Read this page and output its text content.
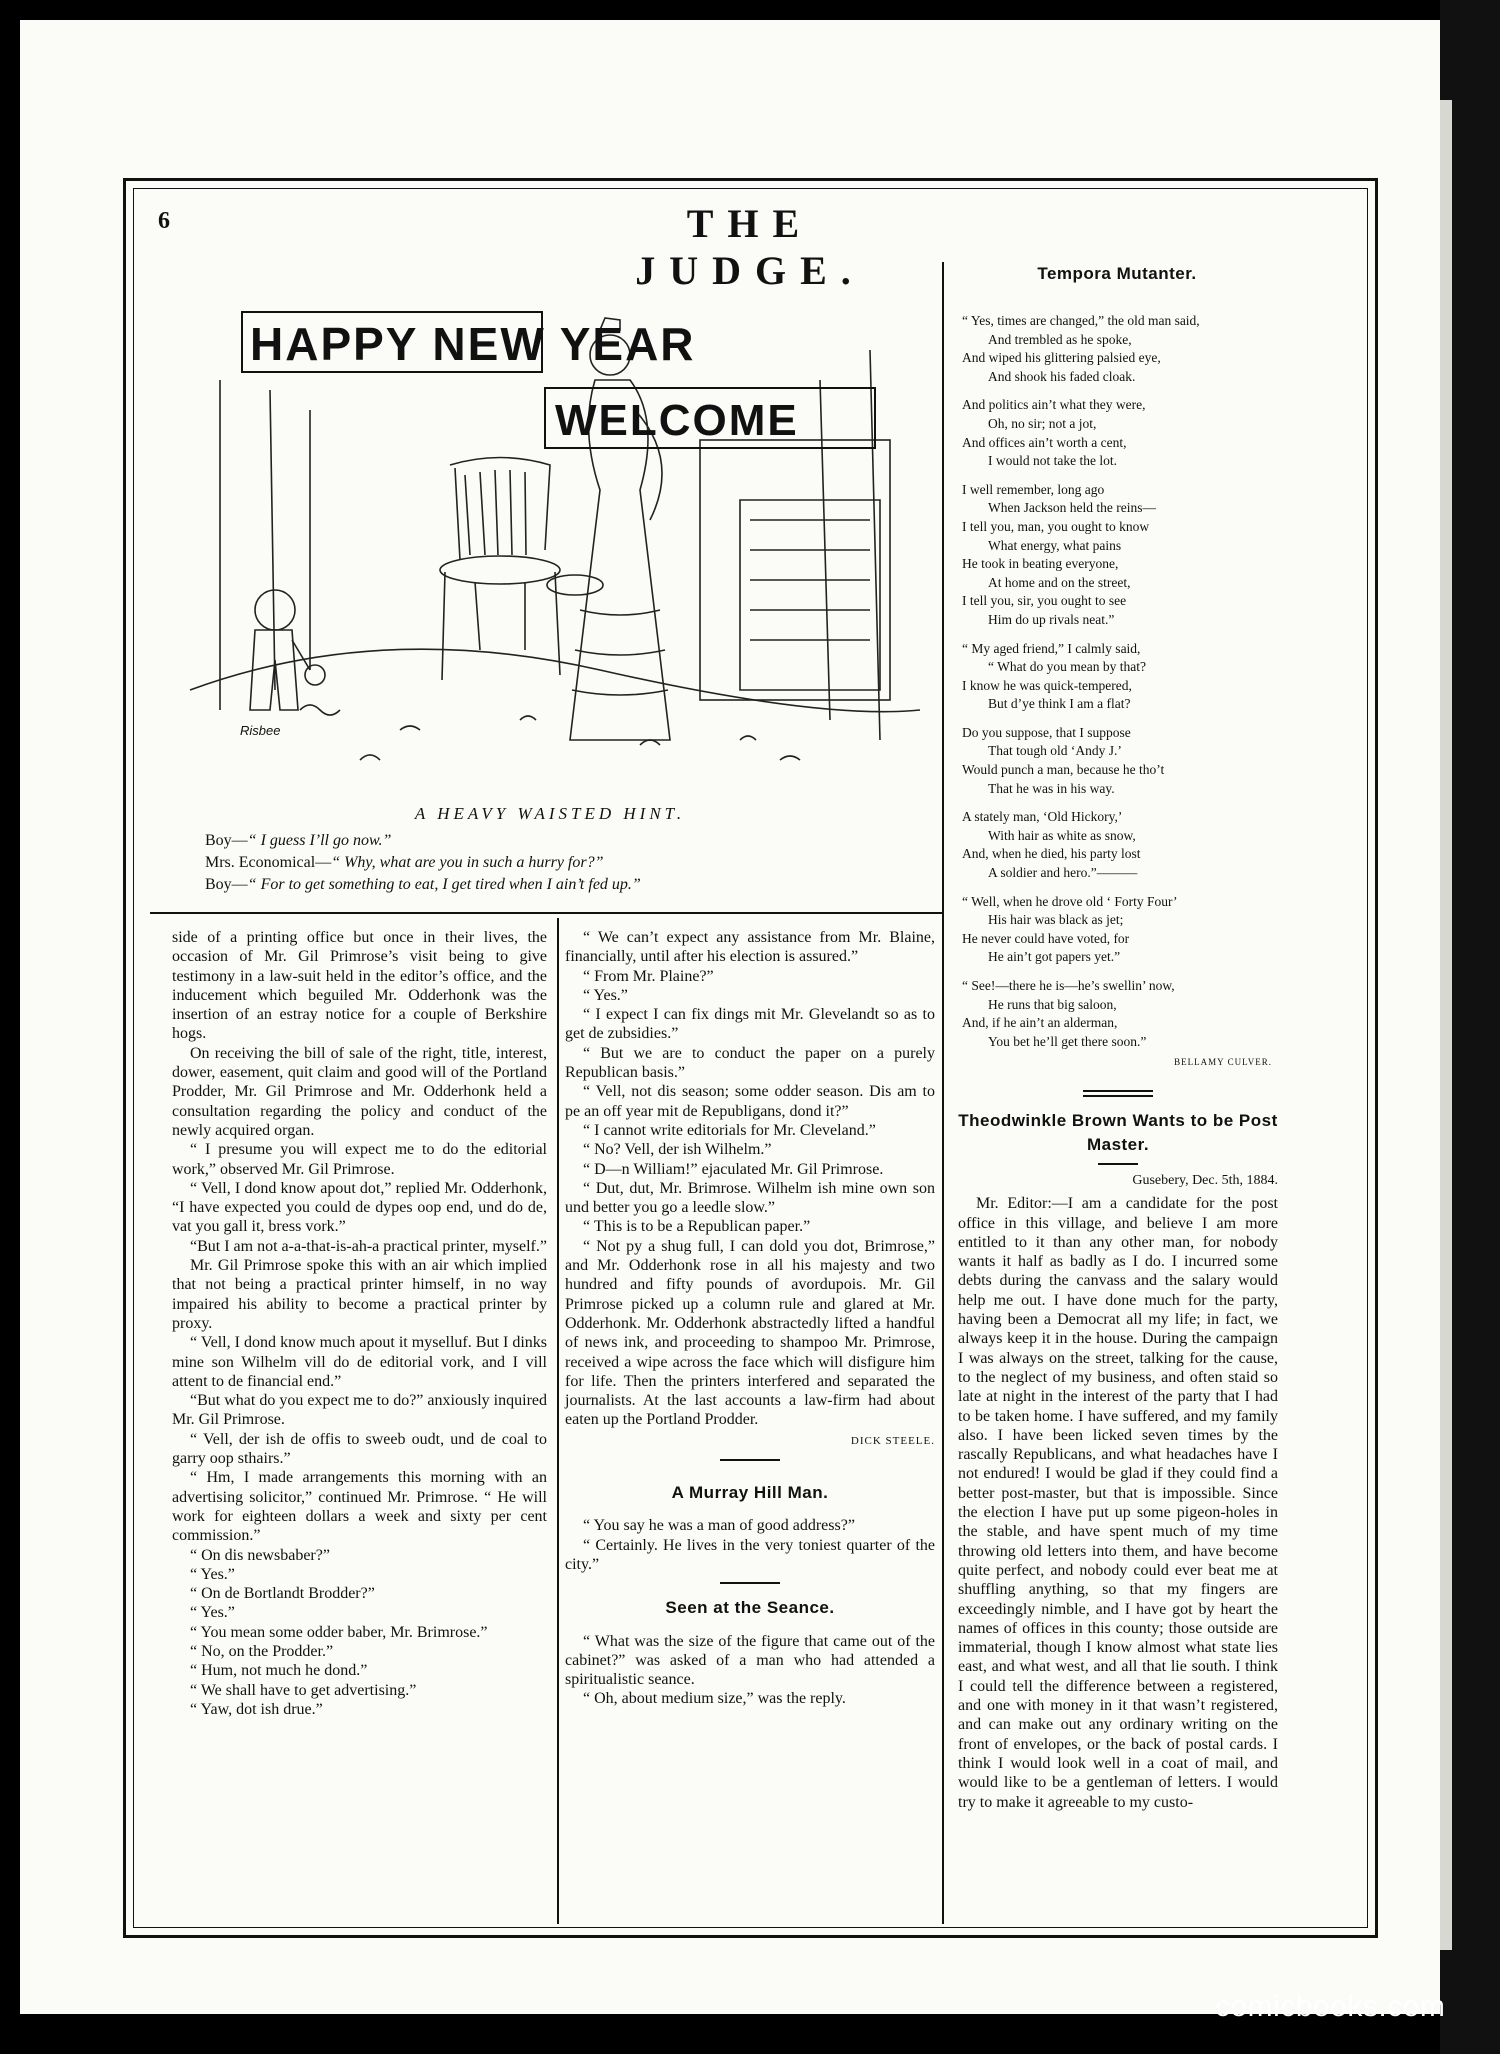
6	THE JUDGE.
HAPPY NEW YEAR
WELCOME
Risbee
A HEAVY WAISTED HINT.
Boy—“ I guess I’ll go now.”
Mrs. Economical—“ Why, what are you in such a hurry for?”
Boy—“ For to get something to eat, I get tired when I ain’t fed up.”

side of a printing office but once in their lives, the occasion of Mr. Gil Primrose’s visit being to give testimony in a law-suit held in the editor’s office, and the inducement which beguiled Mr. Odderhonk was the insertion of an estray notice for a couple of Berkshire hogs.

On receiving the bill of sale of the right, title, interest, dower, easement, quit claim and good will of the Portland Prodder, Mr. Gil Primrose and Mr. Odderhonk held a consultation regarding the policy and conduct of the newly acquired organ.

“ I presume you will expect me to do the editorial work,” observed Mr. Gil Primrose.

“ Vell, I dond know apout dot,” replied Mr. Odderhonk, “I have expected you could de dypes oop end, und do de, vat you gall it, bress vork.”

“But I am not a-a-that-is-ah-a practical printer, myself.”

Mr. Gil Primrose spoke this with an air which implied that not being a practical printer himself, in no way impaired his ability to become a practical printer by proxy.

“ Vell, I dond know much apout it myselluf. But I dinks mine son Wilhelm vill do de editorial vork, and I vill attent to de financial end.”

“But what do you expect me to do?” anxiously inquired Mr. Gil Primrose.

“ Vell, der ish de offis to sweeb oudt, und de coal to garry oop sthairs.”

“ Hm, I made arrangements this morning with an advertising solicitor,” continued Mr. Primrose. “ He will work for eighteen dollars a week and sixty per cent commission.”

“ On dis newsbaber?”

“ Yes.”

“ On de Bortlandt Brodder?”

“ Yes.”

“ You mean some odder baber, Mr. Brimrose.”

“ No, on the Prodder.”

“ Hum, not much he dond.”

“ We shall have to get advertising.”

“ Yaw, dot ish drue.”

“ We can’t expect any assistance from Mr. Blaine, financially, until after his election is assured.”

“ From Mr. Plaine?”

“ Yes.”

“ I expect I can fix dings mit Mr. Glevelandt so as to get de zubsidies.”

“ But we are to conduct the paper on a purely Republican basis.”

“ Vell, not dis season; some odder season. Dis am to pe an off year mit de Republigans, dond it?”

“ I cannot write editorials for Mr. Cleveland.”

“ No? Vell, der ish Wilhelm.”

“ D—n William!” ejaculated Mr. Gil Primrose.

“ Dut, dut, Mr. Brimrose. Wilhelm ish mine own son und better you go a leedle slow.”

“ This is to be a Republican paper.”

“ Not py a shug full, I can dold you dot, Brimrose,” and Mr. Odderhonk rose in all his majesty and two hundred and fifty pounds of avordupois. Mr. Gil Primrose picked up a column rule and glared at Mr. Odderhonk. Mr. Odderhonk abstractedly lifted a handful of news ink, and proceeding to shampoo Mr. Primrose, received a wipe across the face which will disfigure him for life. Then the printers interfered and separated the journalists. At the last accounts a law-firm had about eaten up the Portland Prodder.

DICK STEELE.
A Murray Hill Man.

“ You say he was a man of good address?”

“ Certainly. He lives in the very toniest quarter of the city.”

Seen at the Seance.

“ What was the size of the figure that came out of the cabinet?” was asked of a man who had attended a spiritualistic seance.

“ Oh, about medium size,” was the reply.

Tempora Mutanter.
“ Yes, times are changed,” the old man said,
And trembled as he spoke,
And wiped his glittering palsied eye,
And shook his faded cloak.
And politics ain’t what they were,
Oh, no sir; not a jot,
And offices ain’t worth a cent,
I would not take the lot.
I well remember, long ago
When Jackson held the reins—
I tell you, man, you ought to know
What energy, what pains
He took in beating everyone,
At home and on the street,
I tell you, sir, you ought to see
Him do up rivals neat.”
“ My aged friend,” I calmly said,
“ What do you mean by that?
I know he was quick-tempered,
But d’ye think I am a flat?
Do you suppose, that I suppose
That tough old ‘Andy J.’
Would punch a man, because he tho’t
That he was in his way.
A stately man, ‘Old Hickory,’
With hair as white as snow,
And, when he died, his party lost
A soldier and hero.”———
“ Well, when he drove old ‘ Forty Four’
His hair was black as jet;
He never could have voted, for
He ain’t got papers yet.”
“ See!—there he is—he’s swellin’ now,
He runs that big saloon,
And, if he ain’t an alderman,
You bet he’ll get there soon.”
BELLAMY CULVER.
Theodwinkle Brown Wants to be Post Master.
Gusebery, Dec. 5th, 1884.

Mr. Editor:—I am a candidate for the post office in this village, and believe I am more entitled to it than any other man, for nobody wants it half as badly as I do. I incurred some debts during the canvass and the salary would help me out. I have done much for the party, having been a Democrat all my life; in fact, we always keep it in the house. During the campaign I was always on the street, talking for the cause, to the neglect of my business, and often staid so late at night in the interest of the party that I had to be taken home. I have suffered, and my family also. I have been licked seven times by the rascally Republicans, and what headaches have I not endured! I would be glad if they could find a better post-master, but that is impossible. Since the election I have put up some pigeon-holes in the stable, and have spent much of my time throwing old letters into them, and have become quite perfect, and nobody could ever beat me at shuffling anything, so that my fingers are exceedingly nimble, and I have got by heart the names of offices in this county; those outside are immaterial, though I know almost what state lies east, and what west, and all that lie south. I think I could tell the difference between a registered, and one with money in it that wasn’t registered, and can make out any ordinary writing on the front of envelopes, or the back of postal cards. I think I would look well in a coat of mail, and would like to be a gentleman of letters. I would try to make it agreeable to my custo-

comicbooks.com
